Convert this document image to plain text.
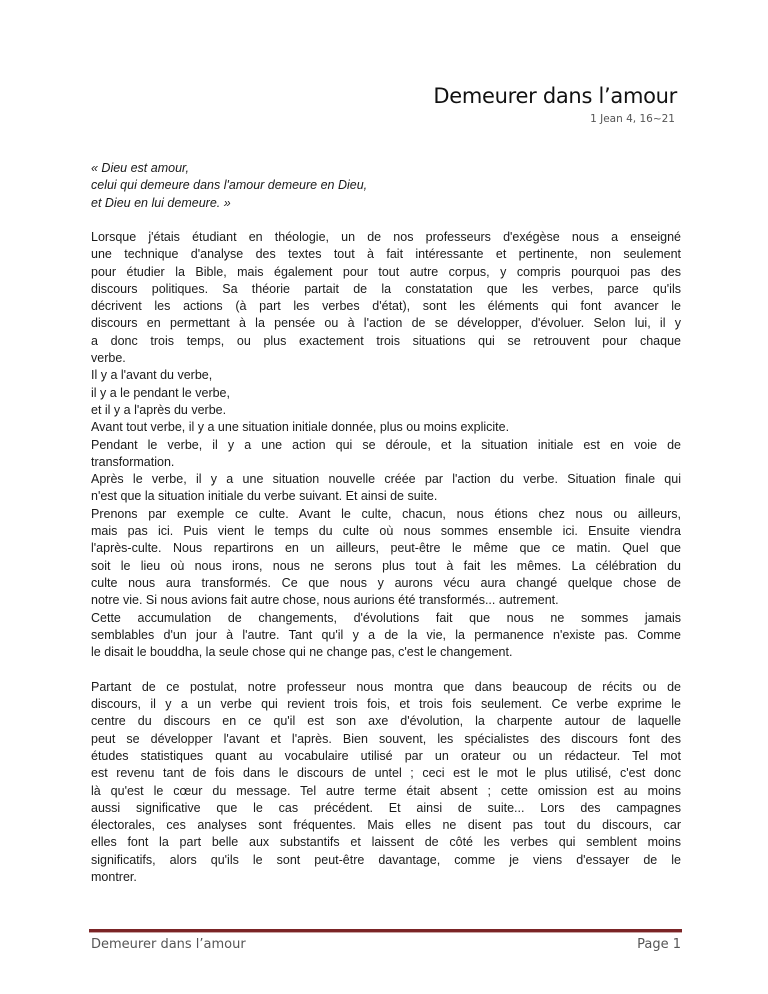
Demeurer dans l’amour
1 Jean 4, 16~21
« Dieu est amour,
celui qui demeure dans l'amour demeure en Dieu,
et Dieu en lui demeure. »
Lorsque j'étais étudiant en théologie, un de nos professeurs d'exégèse nous a enseigné
une technique d'analyse des textes tout à fait intéressante et pertinente, non seulement
pour étudier la Bible, mais également pour tout autre corpus, y compris pourquoi pas des
discours politiques. Sa théorie partait de la constatation que les verbes, parce qu'ils
décrivent les actions (à part les verbes d'état), sont les éléments qui font avancer le
discours en permettant à la pensée ou à l'action de se développer, d'évoluer. Selon lui, il y
a donc trois temps, ou plus exactement trois situations qui se retrouvent pour chaque
verbe.
Il y a l'avant du verbe,
il y a le pendant le verbe,
et il y a l'après du verbe.
Avant tout verbe, il y a une situation initiale donnée, plus ou moins explicite.
Pendant le verbe, il y a une action qui se déroule, et la situation initiale est en voie de
transformation.
Après le verbe, il y a une situation nouvelle créée par l'action du verbe. Situation finale qui
n'est que la situation initiale du verbe suivant. Et ainsi de suite.
Prenons par exemple ce culte. Avant le culte, chacun, nous étions chez nous ou ailleurs,
mais pas ici. Puis vient le temps du culte où nous sommes ensemble ici. Ensuite viendra
l'après-culte. Nous repartirons en un ailleurs, peut-être le même que ce matin. Quel que
soit le lieu où nous irons, nous ne serons plus tout à fait les mêmes. La célébration du
culte nous aura transformés. Ce que nous y aurons vécu aura changé quelque chose de
notre vie. Si nous avions fait autre chose, nous aurions été transformés... autrement.
Cette accumulation de changements, d'évolutions fait que nous ne sommes jamais
semblables d'un jour à l'autre. Tant qu'il y a de la vie, la permanence n'existe pas. Comme
le disait le bouddha, la seule chose qui ne change pas, c'est le changement.
Partant de ce postulat, notre professeur nous montra que dans beaucoup de récits ou de
discours, il y a un verbe qui revient trois fois, et trois fois seulement. Ce verbe exprime le
centre du discours en ce qu'il est son axe d'évolution, la charpente autour de laquelle
peut se développer l'avant et l'après. Bien souvent, les spécialistes des discours font des
études statistiques quant au vocabulaire utilisé par un orateur ou un rédacteur. Tel mot
est revenu tant de fois dans le discours de untel ; ceci est le mot le plus utilisé, c'est donc
là qu'est le cœur du message. Tel autre terme était absent ; cette omission est au moins
aussi significative que le cas précédent. Et ainsi de suite... Lors des campagnes
électorales, ces analyses sont fréquentes. Mais elles ne disent pas tout du discours, car
elles font la part belle aux substantifs et laissent de côté les verbes qui semblent moins
significatifs, alors qu'ils le sont peut-être davantage, comme je viens d'essayer de le
montrer.
Demeurer dans l’amour	Page 1
